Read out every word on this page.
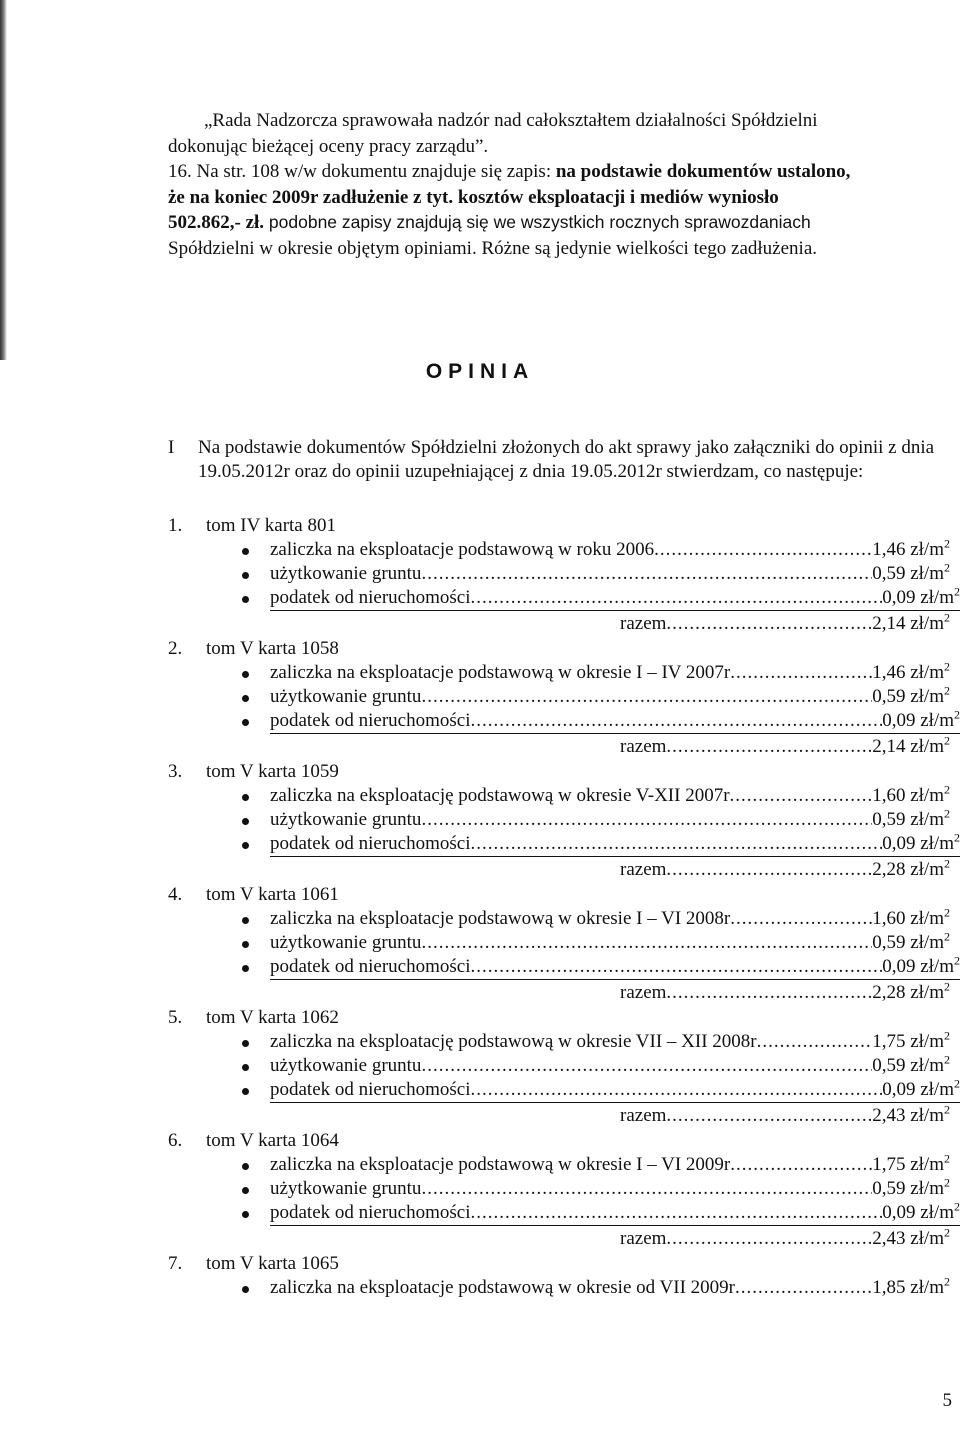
„Rada Nadzorcza sprawowała nadzór nad całokształtem działalności Spółdzielni

dokonując bieżącej oceny pracy zarządu”.

16. Na str. 108 w/w dokumentu znajduje się zapis: na podstawie dokumentów ustalono,
że na koniec 2009r zadłużenie z tyt. kosztów eksploatacji i mediów wyniosło
502.862,- zł. podobne zapisy znajdują się we wszystkich rocznych sprawozdaniach
Spółdzielni w okresie objętym opiniami. Różne są jedynie wielkości tego zadłużenia.

OPINIA
I Na podstawie dokumentów Spółdzielni złożonych do akt sprawy jako załączniki do opinii z dnia 19.05.2012r oraz do opinii uzupełniającej z dnia 19.05.2012r stwierdzam, co następuje:
1. tom IV karta 801
zaliczka na eksploatacje podstawową w roku 2006 .....	1,46 $zł/m^2$
użytkowanie gruntu .....	0,59 $zł/m^2$
podatek od nieruchomości .....	0,09 $zł/m^2$
razem .....	2,14 $zł/m^2$
2. tom V karta 1058
zaliczka na eksploatacje podstawową w okresie I – IV 2007r .....	1,46 $zł/m^2$
użytkowanie gruntu .....	0,59 $zł/m^2$
podatek od nieruchomości .....	0,09 $zł/m^2$
razem .....	2,14 $zł/m^2$
3. tom V karta 1059
zaliczka na eksploatację podstawową w okresie V-XII 2007r .....	1,60 $zł/m^2$
użytkowanie gruntu .....	0,59 $zł/m^2$
podatek od nieruchomości .....	0,09 $zł/m^2$
razem .....	2,28 $zł/m^2$
4. tom V karta 1061
zaliczka na eksploatacje podstawową w okresie I – VI 2008r .....	1,60 $zł/m^2$
użytkowanie gruntu .....	0,59 $zł/m^2$
podatek od nieruchomości .....	0,09 $zł/m^2$
razem .....	2,28 $zł/m^2$
5. tom V karta 1062
zaliczka na eksploatację podstawową w okresie VII – XII 2008r .....	1,75 $zł/m^2$
użytkowanie gruntu .....	0,59 $zł/m^2$
podatek od nieruchomości .....	0,09 $zł/m^2$
razem .....	2,43 $zł/m^2$
6. tom V karta 1064
zaliczka na eksploatacje podstawową w okresie I – VI 2009r .....	1,75 $zł/m^2$
użytkowanie gruntu .....	0,59 $zł/m^2$
podatek od nieruchomości .....	0,09 $zł/m^2$
razem .....	2,43 $zł/m^2$
7. tom V karta 1065
zaliczka na eksploatacje podstawową w okresie od VII 2009r .....	1,85 $zł/m^2$
5
